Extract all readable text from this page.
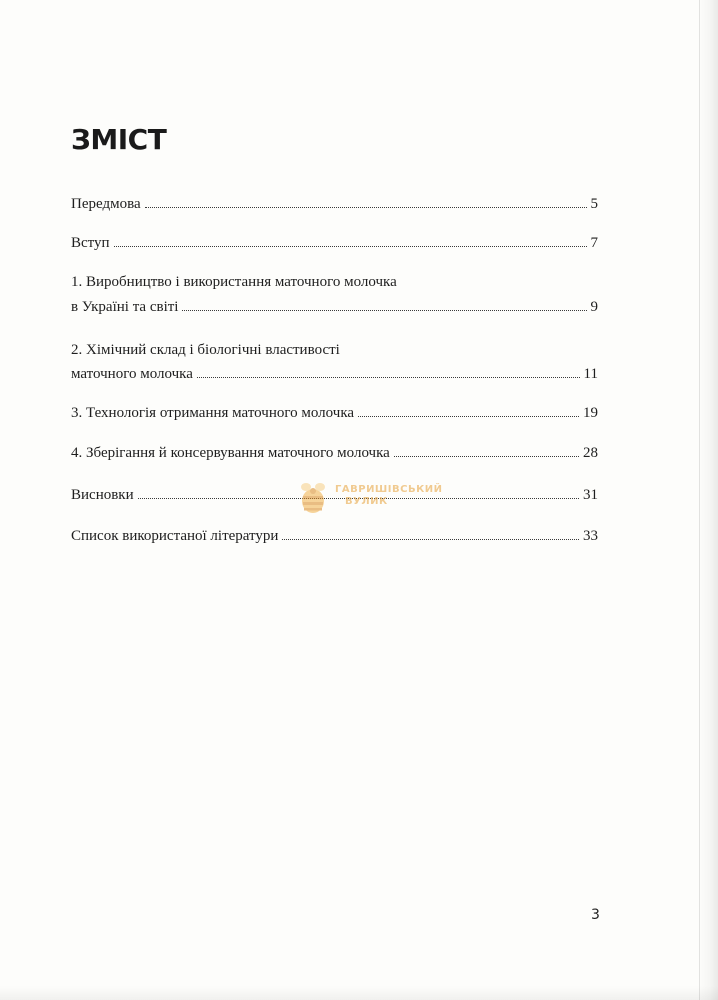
ЗМІСТ
Передмова	5
Вступ	7
1. Виробництво і використання маточного молочка
в Україні та світі	9
2. Хімічний склад і біологічні властивості
маточного молочка	11
3. Технологія отримання маточного молочка	19
4. Зберігання й консервування маточного молочка	28
Висновки	31
Список використаної літератури	33
ГАВРИШІВСЬКИЙ
ВУЛИК
3
